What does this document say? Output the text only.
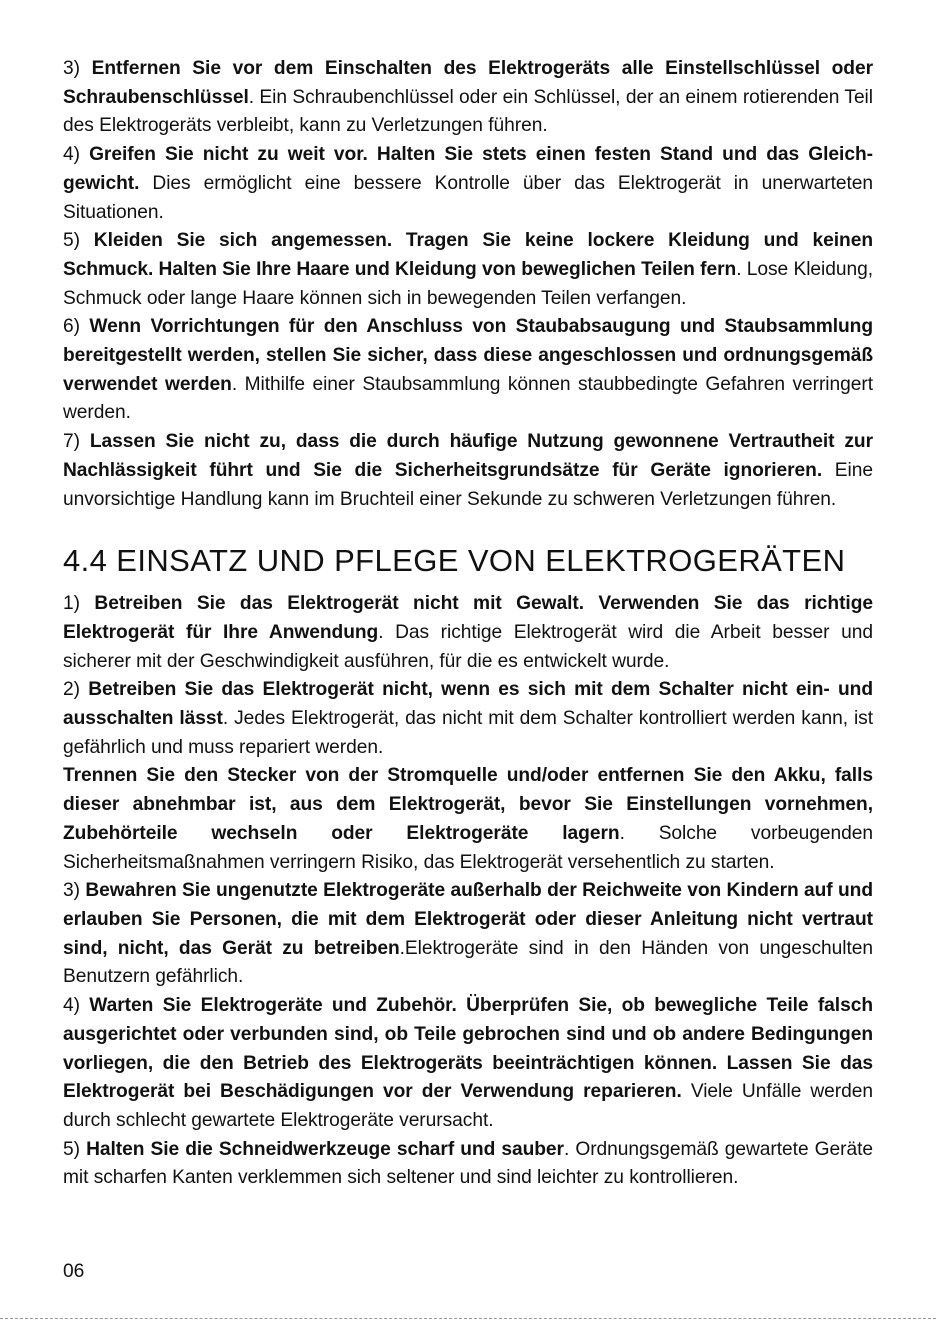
3) Entfernen Sie vor dem Einschalten des Elektrogeräts alle Einstellschlüssel oder Schraubenschlüssel. Ein Schraubenchlüssel oder ein Schlüssel, der an einem rotierenden Teil des Elektrogeräts verbleibt, kann zu Verletzungen führen.

4) Greifen Sie nicht zu weit vor. Halten Sie stets einen festen Stand und das Gleichgewicht. Dies ermöglicht eine bessere Kontrolle über das Elektrogerät in unerwarteten Situationen.

5) Kleiden Sie sich angemessen. Tragen Sie keine lockere Kleidung und keinen Schmuck. Halten Sie Ihre Haare und Kleidung von beweglichen Teilen fern. Lose Kleidung, Schmuck oder lange Haare können sich in bewegenden Teilen verfangen.

6) Wenn Vorrichtungen für den Anschluss von Staubabsaugung und Staubsammlung bereitgestellt werden, stellen Sie sicher, dass diese angeschlossen und ordnungsgemäß verwendet werden. Mithilfe einer Staubsammlung können staubbedingte Gefahren verringert werden.

7) Lassen Sie nicht zu, dass die durch häufige Nutzung gewonnene Vertrautheit zur Nachlässigkeit führt und Sie die Sicherheitsgrundsätze für Geräte ignorieren. Eine unvorsichtige Handlung kann im Bruchteil einer Sekunde zu schweren Verletzungen führen.

4.4 EINSATZ UND PFLEGE VON ELEKTROGERÄTEN

1) Betreiben Sie das Elektrogerät nicht mit Gewalt. Verwenden Sie das richtige Elektrogerät für Ihre Anwendung. Das richtige Elektrogerät wird die Arbeit besser und sicherer mit der Geschwindigkeit ausführen, für die es entwickelt wurde.

2) Betreiben Sie das Elektrogerät nicht, wenn es sich mit dem Schalter nicht ein- und ausschalten lässt. Jedes Elektrogerät, das nicht mit dem Schalter kontrolliert werden kann, ist gefährlich und muss repariert werden.

Trennen Sie den Stecker von der Stromquelle und/oder entfernen Sie den Akku, falls dieser abnehmbar ist, aus dem Elektrogerät, bevor Sie Einstellungen vornehmen, Zubehörteile wechseln oder Elektrogeräte lagern. Solche vorbeugenden Sicherheitsmaßnahmen verringern Risiko, das Elektrogerät versehentlich zu starten.

3) Bewahren Sie ungenutzte Elektrogeräte außerhalb der Reichweite von Kindern auf und erlauben Sie Personen, die mit dem Elektrogerät oder dieser Anleitung nicht vertraut sind, nicht, das Gerät zu betreiben.Elektrogeräte sind in den Händen von ungeschulten Benutzern gefährlich.

4) Warten Sie Elektrogeräte und Zubehör. Überprüfen Sie, ob bewegliche Teile falsch ausgerichtet oder verbunden sind, ob Teile gebrochen sind und ob andere Bedingungen vorliegen, die den Betrieb des Elektrogeräts beeinträchtigen können. Lassen Sie das Elektrogerät bei Beschädigungen vor der Verwendung reparieren. Viele Unfälle werden durch schlecht gewartete Elektrogeräte verursacht.

5) Halten Sie die Schneidwerkzeuge scharf und sauber. Ordnungsgemäß gewartete Geräte mit scharfen Kanten verklemmen sich seltener und sind leichter zu kontrollieren.

06
